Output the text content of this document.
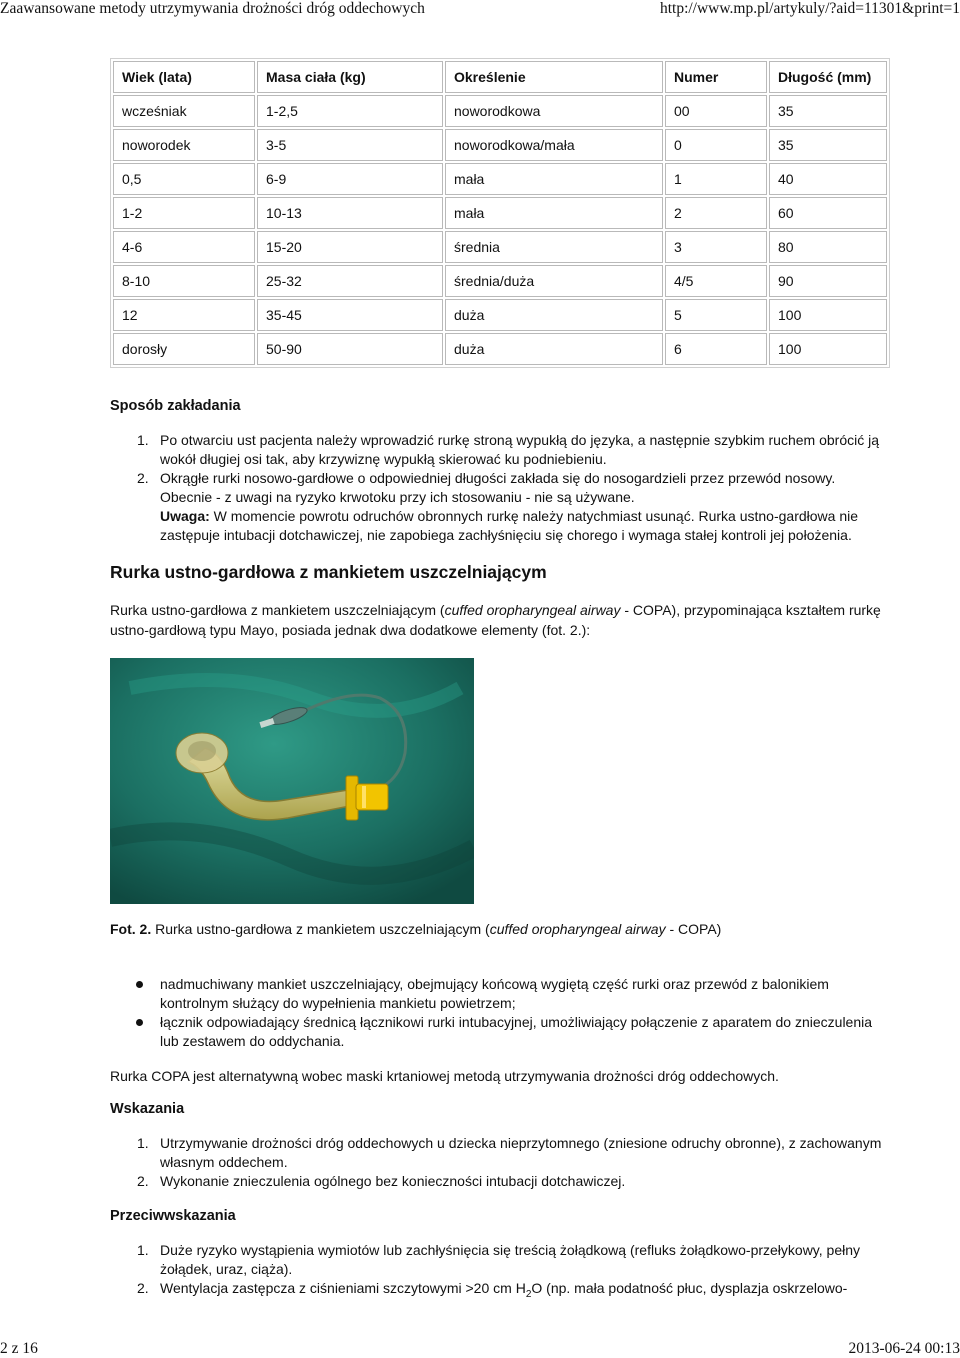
Zaawansowane metody utrzymywania drożności dróg oddechowych	http://www.mp.pl/artykuly/?aid=11301&print=1
Wiek (lata)	Masa ciała (kg)	Określenie	Numer	Długość (mm)
wcześniak	1-2,5	noworodkowa	00	35
noworodek	3-5	noworodkowa/mała	0	35
0,5	6-9	mała	1	40
1-2	10-13	mała	2	60
4-6	15-20	średnia	3	80
8-10	25-32	średnia/duża	4/5	90
12	35-45	duża	5	100
dorosły	50-90	duża	6	100
Sposób zakładania
1. Po otwarciu ust pacjenta należy wprowadzić rurkę stroną wypukłą do języka, a następnie szybkim ruchem obrócić ją wokół długiej osi tak, aby krzywiznę wypukłą skierować ku podniebieniu.
2. Okrągłe rurki nosowo-gardłowe o odpowiedniej długości zakłada się do nosogardzieli przez przewód nosowy.
Obecnie - z uwagi na ryzyko krwotoku przy ich stosowaniu - nie są używane.
Uwaga: W momencie powrotu odruchów obronnych rurkę należy natychmiast usunąć. Rurka ustno-gardłowa nie zastępuje intubacji dotchawiczej, nie zapobiega zachłyśnięciu się chorego i wymaga stałej kontroli jej położenia.
Rurka ustno-gardłowa z mankietem uszczelniającym
Rurka ustno-gardłowa z mankietem uszczelniającym (cuffed oropharyngeal airway - COPA), przypominająca kształtem rurkę ustno-gardłową typu Mayo, posiada jednak dwa dodatkowe elementy (fot. 2.):
Fot. 2. Rurka ustno-gardłowa z mankietem uszczelniającym (cuffed oropharyngeal airway - COPA)
nadmuchiwany mankiet uszczelniający, obejmujący końcową wygiętą część rurki oraz przewód z balonikiem kontrolnym służący do wypełnienia mankietu powietrzem;
łącznik odpowiadający średnicą łącznikowi rurki intubacyjnej, umożliwiający połączenie z aparatem do znieczulenia lub zestawem do oddychania.
Rurka COPA jest alternatywną wobec maski krtaniowej metodą utrzymywania drożności dróg oddechowych.
Wskazania
1. Utrzymywanie drożności dróg oddechowych u dziecka nieprzytomnego (zniesione odruchy obronne), z zachowanym własnym oddechem.
2. Wykonanie znieczulenia ogólnego bez konieczności intubacji dotchawiczej.
Przeciwwskazania
1. Duże ryzyko wystąpienia wymiotów lub zachłyśnięcia się treścią żołądkową (refluks żołądkowo-przełykowy, pełny żołądek, uraz, ciąża).
2. Wentylacja zastępcza z ciśnieniami szczytowymi >20 cm $H_2O$ (np. mała podatność płuc, dysplazja oskrzelowo-
2 z 16	2013-06-24 00:13
